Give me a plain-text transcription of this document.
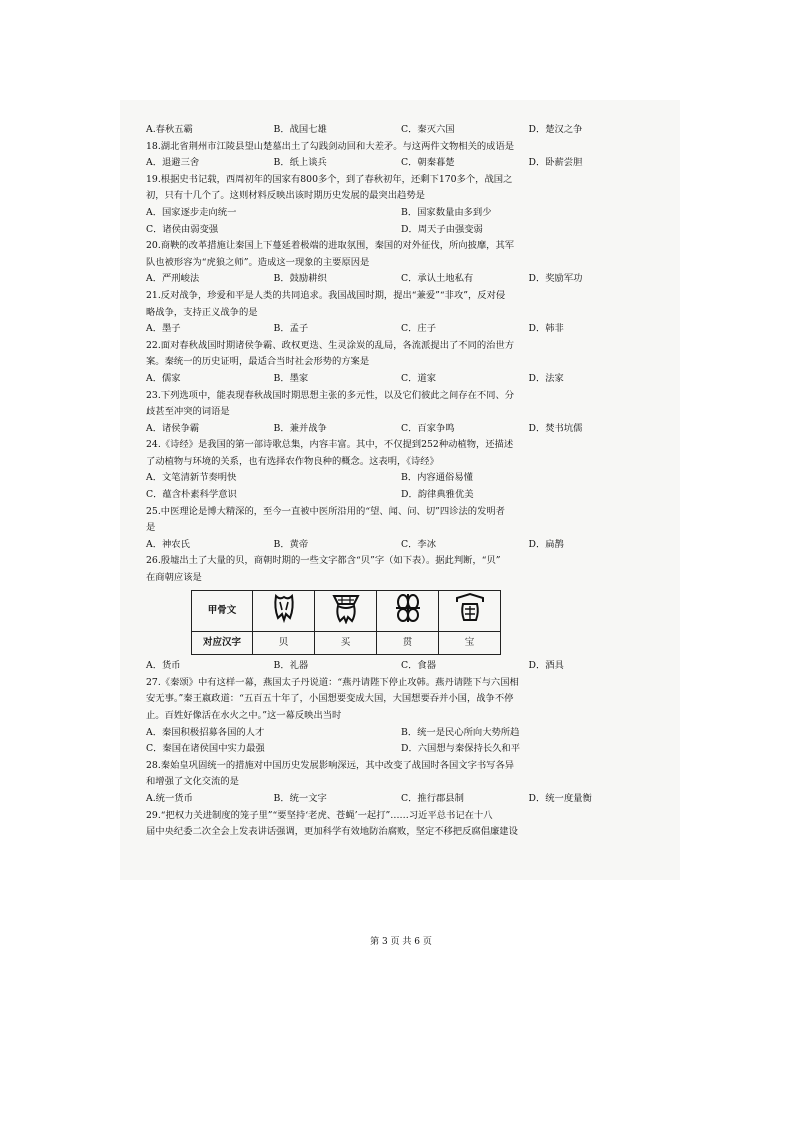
A.春秋五霸	B．战国七雄	C．秦灭六国	D．楚汉之争
18.湖北省荆州市江陵县望山楚墓出土了勾践剑动回和大差矛。与这两件文物相关的成语是
A．退避三舍	B．纸上谈兵	C．朝秦暮楚	D．卧薪尝胆
19.根据史书记载，西周初年的国家有800多个，到了春秋初年，还剩下170多个，战国之
初，只有十几个了。这则材料反映出该时期历史发展的最突出趋势是
A．国家逐步走向统一	B．国家数量由多到少
C．诸侯由弱变强	D．周天子由强变弱
20.商鞅的改革措施让秦国上下蔓延着极端的进取氛围，秦国的对外征伐，所向披靡，其军
队也被形容为“虎狼之师”。造成这一现象的主要原因是
A．严刑峻法	B．鼓励耕织	C．承认土地私有	D．奖励军功
21.反对战争，珍爱和平是人类的共同追求。我国战国时期，提出“兼爱”“非攻”，反对侵
略战争，支持正义战争的是
A．墨子	B．孟子	C．庄子	D．韩非
22.面对春秋战国时期诸侯争霸、政权更迭、生灵涂炭的乱局，各流派提出了不同的治世方
案。秦统一的历史证明，最适合当时社会形势的方案是
A．儒家	B．墨家	C．道家	D．法家
23.下列选项中，能表现春秋战国时期思想主张的多元性，以及它们彼此之间存在不同、分
歧甚至冲突的词语是
A．诸侯争霸	B．兼并战争	C．百家争鸣	D．焚书坑儒
24.《诗经》是我国的第一部诗歌总集，内容丰富。其中，不仅提到252种动植物，还描述
了动植物与环境的关系，也有选择农作物良种的概念。这表明，《诗经》
A．文笔清新节奏明快	B．内容通俗易懂
C．蕴含朴素科学意识	D．韵律典雅优美
25.中医理论是博大精深的，至今一直被中医所沿用的“望、闻、问、切”四诊法的发明者
是
A．神农氏	B．黄帝	C．李冰	D．扁鹊
26.殷墟出土了大量的贝，商朝时期的一些文字都含“贝”字（如下表）。据此判断，“贝”
在商朝应该是
甲骨文				
对应汉字	贝	买	贯	宝
A．货币	B．礼器	C．食器	D．酒具
27.《秦颂》中有这样一幕，燕国太子丹说道：“燕丹请陛下停止攻韩。燕丹请陛下与六国相
安无事。”秦王嬴政道：“五百五十年了，小国想要变成大国，大国想要吞并小国，战争不停
止。百姓好像活在水火之中。”这一幕反映出当时
A．秦国积极招募各国的人才	B．统一是民心所向大势所趋
C．秦国在诸侯国中实力最强	D．六国想与秦保持长久和平
28.秦始皇巩固统一的措施对中国历史发展影响深远，其中改变了战国时各国文字书写各异
和增强了文化交流的是
A.统一货币	B．统一文字	C．推行郡县制	D．统一度量衡
29.“把权力关进制度的笼子里”“要坚持‘老虎、苍蝇’一起打”……习近平总书记在十八
届中央纪委二次全会上发表讲话强调，更加科学有效地防治腐败，坚定不移把反腐倡廉建设
第 3 页 共 6 页
